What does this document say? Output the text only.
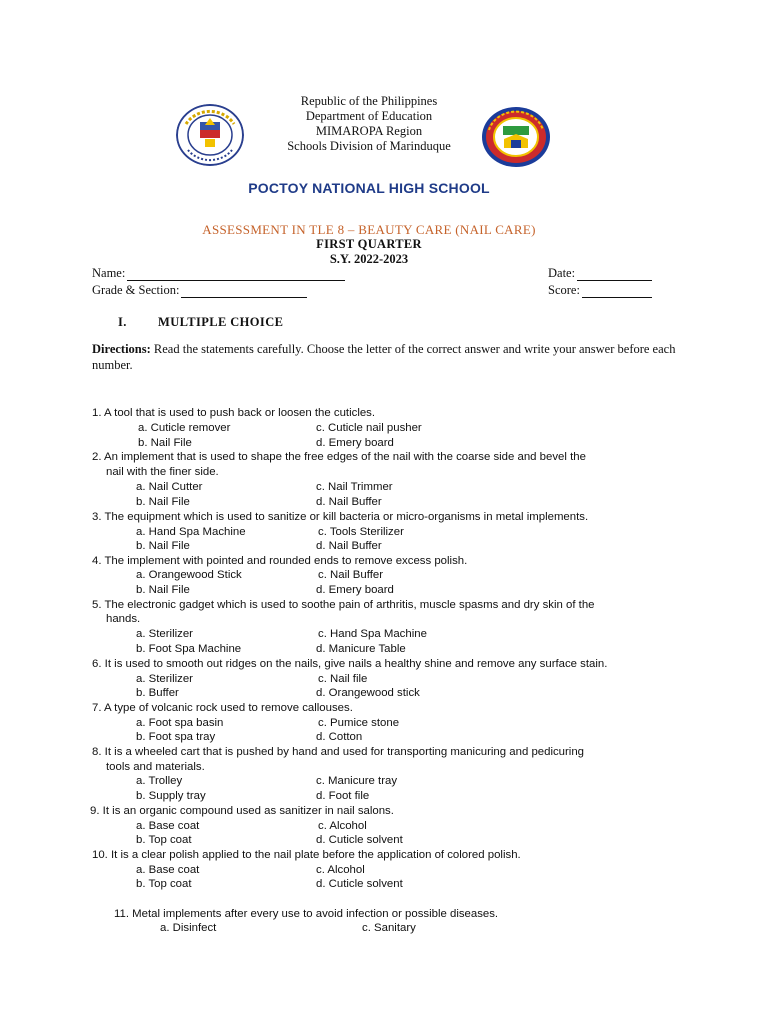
Republic of the Philippines
Department of Education
MIMAROPA Region
Schools Division of Marinduque
POCTOY NATIONAL HIGH SCHOOL
ASSESSMENT IN TLE 8 – BEAUTY CARE (NAIL CARE)
FIRST QUARTER
S.Y. 2022-2023
Name:
Grade & Section:
Date:
Score:
I. MULTIPLE CHOICE
Directions: Read the statements carefully. Choose the letter of the correct answer and write your answer before each number.
1. A tool that is used to push back or loosen the cuticles.
a. Cuticle remover	c. Cuticle nail pusher
b. Nail File	d. Emery board
2. An implement that is used to shape the free edges of the nail with the coarse side and bevel the
nail with the finer side.
a. Nail Cutter	c. Nail Trimmer
b. Nail File	d. Nail Buffer
3. The equipment which is used to sanitize or kill bacteria or micro-organisms in metal implements.
a. Hand Spa Machine	c. Tools Sterilizer
b. Nail File	d. Nail Buffer
4. The implement with pointed and rounded ends to remove excess polish.
a. Orangewood Stick	c. Nail Buffer
b. Nail File	d. Emery board
5. The electronic gadget which is used to soothe pain of arthritis, muscle spasms and dry skin of the
hands.
a. Sterilizer	c. Hand Spa Machine
b. Foot Spa Machine	d. Manicure Table
6. It is used to smooth out ridges on the nails, give nails a healthy shine and remove any surface stain.
a. Sterilizer	c. Nail file
b. Buffer	d. Orangewood stick
7. A type of volcanic rock used to remove callouses.
a. Foot spa basin	c. Pumice stone
b. Foot spa tray	d. Cotton
8. It is a wheeled cart that is pushed by hand and used for transporting manicuring and pedicuring
tools and materials.
a. Trolley	c. Manicure tray
b. Supply tray	d. Foot file
9. It is an organic compound used as sanitizer in nail salons.
a. Base coat	c. Alcohol
b. Top coat	d. Cuticle solvent
10. It is a clear polish applied to the nail plate before the application of colored polish.
a. Base coat	c. Alcohol
b. Top coat	d. Cuticle solvent
11. Metal implements after every use to avoid infection or possible diseases.
a. Disinfect	c. Sanitary
